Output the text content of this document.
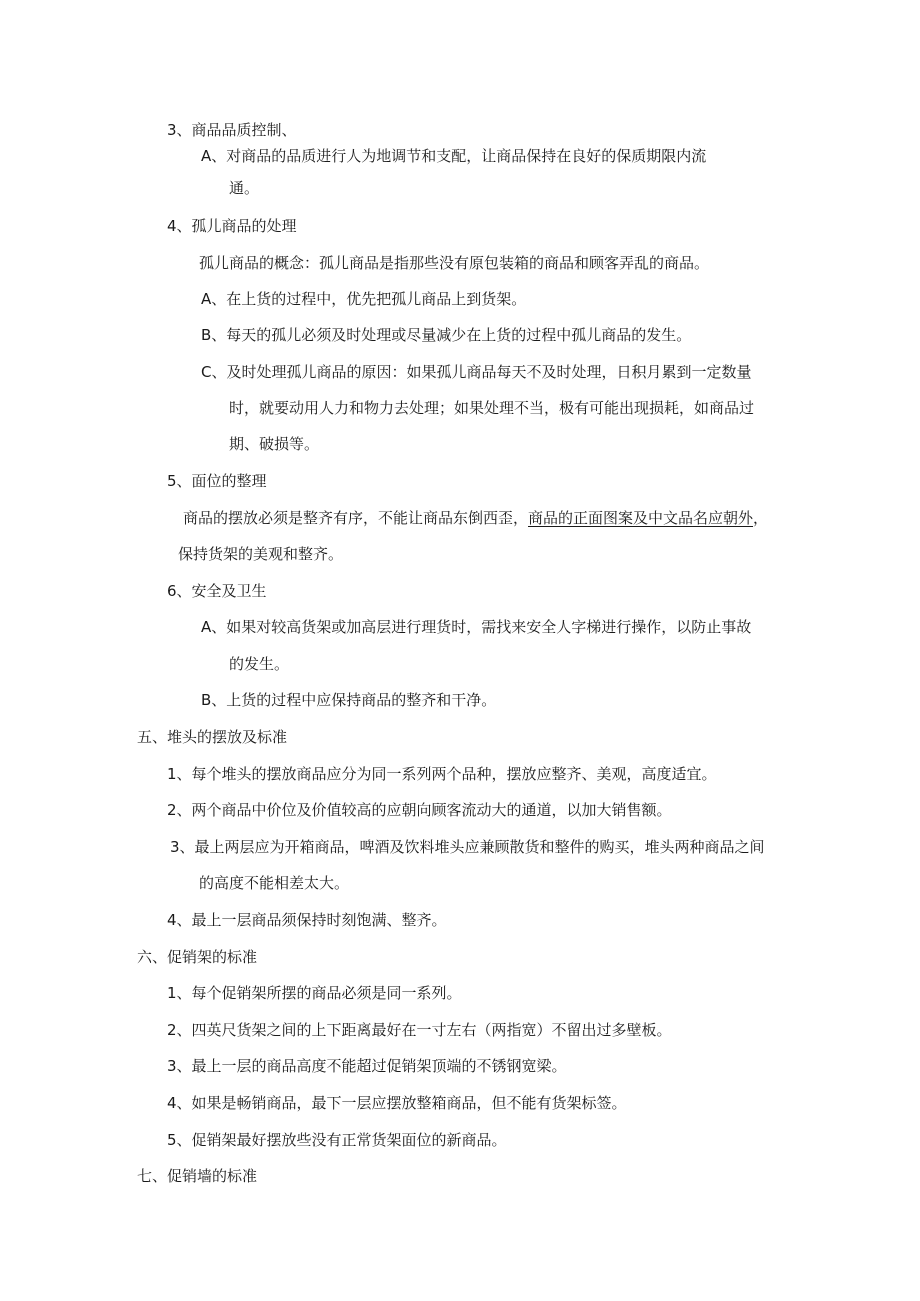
3、商品品质控制、
A、对商品的品质进行人为地调节和支配，让商品保持在良好的保质期限内流
通。
4、孤儿商品的处理
孤儿商品的概念：孤儿商品是指那些没有原包装箱的商品和顾客弄乱的商品。
A、在上货的过程中，优先把孤儿商品上到货架。
B、每天的孤儿必须及时处理或尽量减少在上货的过程中孤儿商品的发生。
C、及时处理孤儿商品的原因：如果孤儿商品每天不及时处理，日积月累到一定数量
时，就要动用人力和物力去处理；如果处理不当，极有可能出现损耗，如商品过
期、破损等。
5、面位的整理
商品的摆放必须是整齐有序，不能让商品东倒西歪，商品的正面图案及中文品名应朝外，
保持货架的美观和整齐。
6、安全及卫生
A、如果对较高货架或加高层进行理货时，需找来安全人字梯进行操作，以防止事故
的发生。
B、上货的过程中应保持商品的整齐和干净。
五、堆头的摆放及标准
1、每个堆头的摆放商品应分为同一系列两个品种，摆放应整齐、美观，高度适宜。
2、两个商品中价位及价值较高的应朝向顾客流动大的通道，以加大销售额。
3、最上两层应为开箱商品，啤酒及饮料堆头应兼顾散货和整件的购买，堆头两种商品之间
的高度不能相差太大。
4、最上一层商品须保持时刻饱满、整齐。
六、促销架的标准
1、每个促销架所摆的商品必须是同一系列。
2、四英尺货架之间的上下距离最好在一寸左右（两指宽）不留出过多壁板。
3、最上一层的商品高度不能超过促销架顶端的不锈钢宽梁。
4、如果是畅销商品，最下一层应摆放整箱商品，但不能有货架标签。
5、促销架最好摆放些没有正常货架面位的新商品。
七、促销墙的标准
